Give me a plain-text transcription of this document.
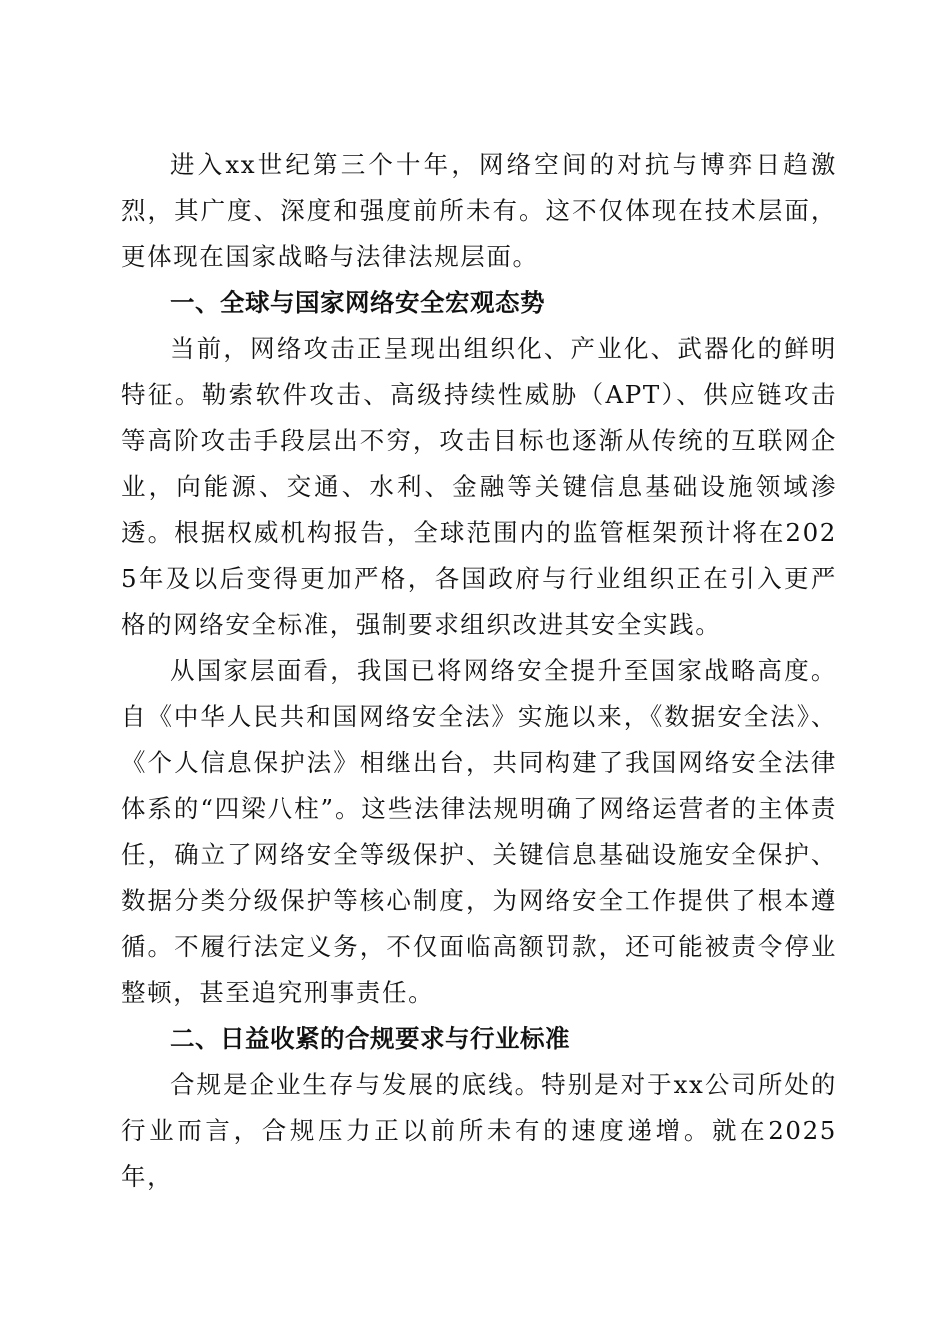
进入xx世纪第三个十年，网络空间的对抗与博弈日趋激烈，其广度、深度和强度前所未有。这不仅体现在技术层面，更体现在国家战略与法律法规层面。

一、全球与国家网络安全宏观态势

当前，网络攻击正呈现出组织化、产业化、武器化的鲜明特征。勒索软件攻击、高级持续性威胁（APT）、供应链攻击等高阶攻击手段层出不穷，攻击目标也逐渐从传统的互联网企业，向能源、交通、水利、金融等关键信息基础设施领域渗透。根据权威机构报告，全球范围内的监管框架预计将在2025年及以后变得更加严格，各国政府与行业组织正在引入更严格的网络安全标准，强制要求组织改进其安全实践。

从国家层面看，我国已将网络安全提升至国家战略高度。自《中华人民共和国网络安全法》实施以来，《数据安全法》、《个人信息保护法》相继出台，共同构建了我国网络安全法律体系的“四梁八柱”。这些法律法规明确了网络运营者的主体责任，确立了网络安全等级保护、关键信息基础设施安全保护、数据分类分级保护等核心制度，为网络安全工作提供了根本遵循。不履行法定义务，不仅面临高额罚款，还可能被责令停业整顿，甚至追究刑事责任。

二、日益收紧的合规要求与行业标准

合规是企业生存与发展的底线。特别是对于xx公司所处的行业而言，合规压力正以前所未有的速度递增。就在2025年，
